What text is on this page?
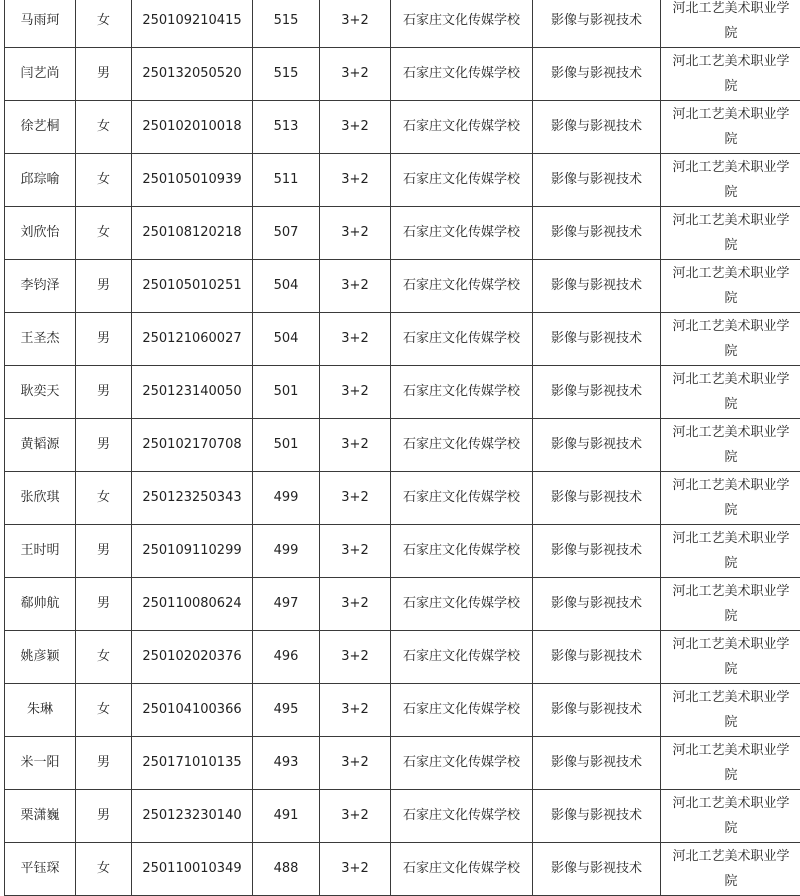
马雨珂	女	250109210415	515	3+2	石家庄文化传媒学校	影像与影视技术	河北工艺美术职业学院
闫艺尚	男	250132050520	515	3+2	石家庄文化传媒学校	影像与影视技术	河北工艺美术职业学院
徐艺桐	女	250102010018	513	3+2	石家庄文化传媒学校	影像与影视技术	河北工艺美术职业学院
邱琮喻	女	250105010939	511	3+2	石家庄文化传媒学校	影像与影视技术	河北工艺美术职业学院
刘欣怡	女	250108120218	507	3+2	石家庄文化传媒学校	影像与影视技术	河北工艺美术职业学院
李钧泽	男	250105010251	504	3+2	石家庄文化传媒学校	影像与影视技术	河北工艺美术职业学院
王圣杰	男	250121060027	504	3+2	石家庄文化传媒学校	影像与影视技术	河北工艺美术职业学院
耿奕天	男	250123140050	501	3+2	石家庄文化传媒学校	影像与影视技术	河北工艺美术职业学院
黄韬源	男	250102170708	501	3+2	石家庄文化传媒学校	影像与影视技术	河北工艺美术职业学院
张欣琪	女	250123250343	499	3+2	石家庄文化传媒学校	影像与影视技术	河北工艺美术职业学院
王时明	男	250109110299	499	3+2	石家庄文化传媒学校	影像与影视技术	河北工艺美术职业学院
郗帅航	男	250110080624	497	3+2	石家庄文化传媒学校	影像与影视技术	河北工艺美术职业学院
姚彦颖	女	250102020376	496	3+2	石家庄文化传媒学校	影像与影视技术	河北工艺美术职业学院
朱琳	女	250104100366	495	3+2	石家庄文化传媒学校	影像与影视技术	河北工艺美术职业学院
米一阳	男	250171010135	493	3+2	石家庄文化传媒学校	影像与影视技术	河北工艺美术职业学院
栗潇巍	男	250123230140	491	3+2	石家庄文化传媒学校	影像与影视技术	河北工艺美术职业学院
平钰琛	女	250110010349	488	3+2	石家庄文化传媒学校	影像与影视技术	河北工艺美术职业学院
